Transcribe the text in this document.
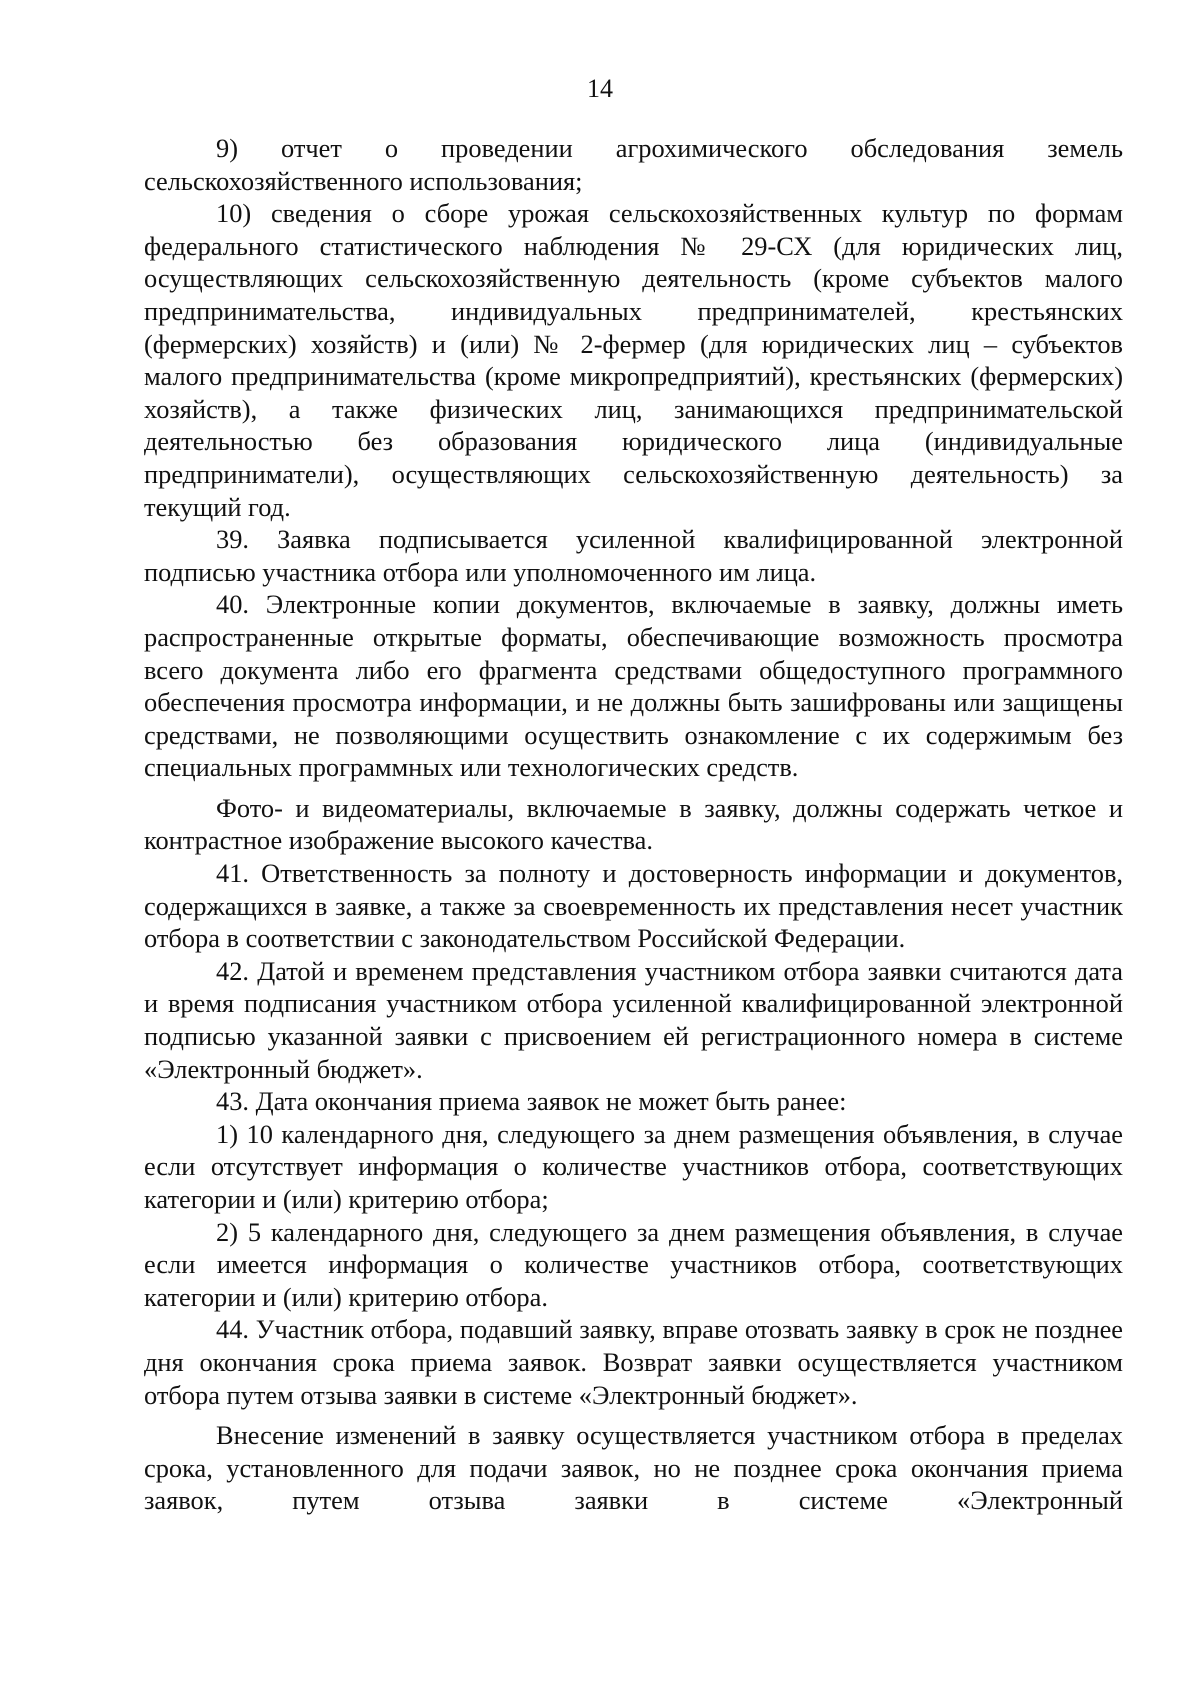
14

9) отчет о проведении агрохимического обследования земель сельскохозяйственного использования;

10) сведения о сборе урожая сельскохозяйственных культур по формам федерального статистического наблюдения № 29-СХ (для юридических лиц, осуществляющих сельскохозяйственную деятельность (кроме субъектов малого предпринимательства, индивидуальных предпринимателей, крестьянских (фермерских) хозяйств) и (или) № 2-фермер (для юридических лиц – субъектов малого предпринимательства (кроме микропредприятий), крестьянских (фермерских) хозяйств), а также физических лиц, занимающихся предпринимательской деятельностью без образования юридического лица (индивидуальные предприниматели), осуществляющих сельскохозяйственную деятельность) за текущий год.

39. Заявка подписывается усиленной квалифицированной электронной подписью участника отбора или уполномоченного им лица.

40. Электронные копии документов, включаемые в заявку, должны иметь распространенные открытые форматы, обеспечивающие возможность просмотра всего документа либо его фрагмента средствами общедоступного программного обеспечения просмотра информации, и не должны быть зашифрованы или защищены средствами, не позволяющими осуществить ознакомление с их содержимым без специальных программных или технологических средств.

Фото- и видеоматериалы, включаемые в заявку, должны содержать четкое и контрастное изображение высокого качества.

41. Ответственность за полноту и достоверность информации и документов, содержащихся в заявке, а также за своевременность их представления несет участник отбора в соответствии с законодательством Российской Федерации.

42. Датой и временем представления участником отбора заявки считаются дата и время подписания участником отбора усиленной квалифицированной электронной подписью указанной заявки с присвоением ей регистрационного номера в системе «Электронный бюджет».

43. Дата окончания приема заявок не может быть ранее:

1) 10 календарного дня, следующего за днем размещения объявления, в случае если отсутствует информация о количестве участников отбора, соответствующих категории и (или) критерию отбора;

2) 5 календарного дня, следующего за днем размещения объявления, в случае если имеется информация о количестве участников отбора, соответствующих категории и (или) критерию отбора.

44. Участник отбора, подавший заявку, вправе отозвать заявку в срок не позднее дня окончания срока приема заявок. Возврат заявки осуществляется участником отбора путем отзыва заявки в системе «Электронный бюджет».

Внесение изменений в заявку осуществляется участником отбора в пределах срока, установленного для подачи заявок, но не позднее срока окончания приема заявок, путем отзыва заявки в системе «Электронный
